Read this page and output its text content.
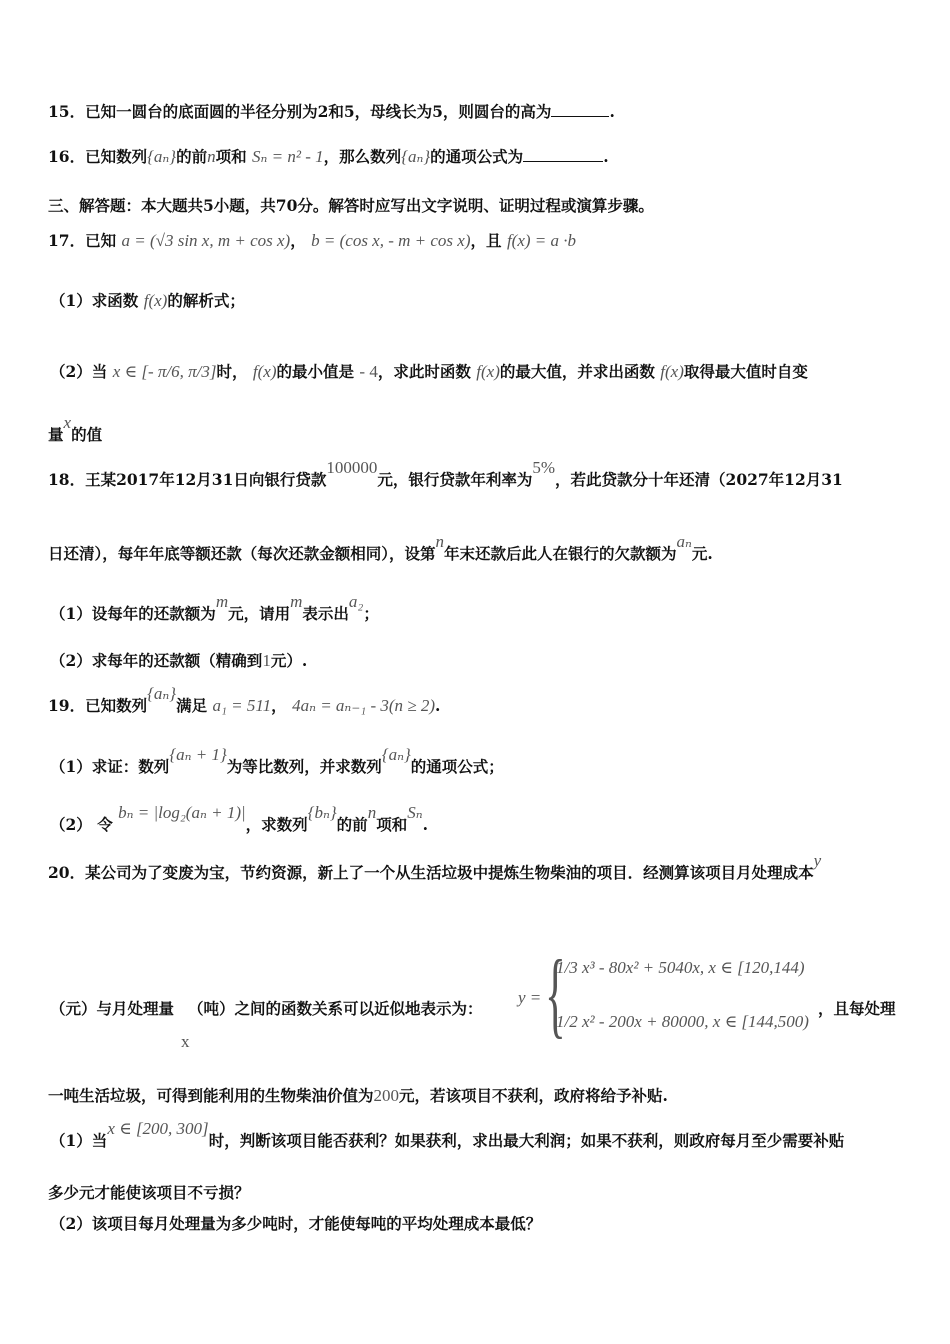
15．已知一圆台的底面圆的半径分别为2和5，母线长为5，则圆台的高为	.
16．已知数列{aₙ}的前n项和 Sₙ = n² - 1，那么数列{aₙ}的通项公式为	.
三、解答题：本大题共5小题，共70分。解答时应写出文字说明、证明过程或演算步骤。
17．已知 a = (√3 sin x, m + cos x)， b = (cos x, - m + cos x)，且 f(x) = a ·b
（1）求函数 f(x)的解析式；
（2）当 x ∈ [- π/6, π/3]时， f(x)的最小值是 - 4，求此时函数 f(x)的最大值，并求出函数 f(x)取得最大值时自变
量x的值
18．王某2017年12月31日向银行贷款100000元，银行贷款年利率为5%，若此贷款分十年还清（2027年12月31
日还清），每年年底等额还款（每次还款金额相同），设第n年末还款后此人在银行的欠款额为aₙ元.
（1）设每年的还款额为m元，请用m表示出a₂；
（2）求每年的还款额（精确到1元）.
19．已知数列{aₙ}满足 a₁ = 511， 4aₙ = aₙ₋₁ - 3(n ≥ 2).
（1）求证：数列{aₙ + 1}为等比数列，并求数列{aₙ}的通项公式；
（2） 令 bₙ = |log₂(aₙ + 1)|，求数列{bₙ}的前n项和Sₙ.
20．某公司为了变废为宝，节约资源，新上了一个从生活垃圾中提炼生物柴油的项目．经测算该项目月处理成本y
（元）与月处理量 （吨）之间的函数关系可以近似地表示为：
x
y = {
1/3 x³ - 80x² + 5040x, x ∈ [120,144)
1/2 x² - 200x + 80000, x ∈ [144,500)
，且每处理
一吨生活垃圾，可得到能利用的生物柴油价值为200元，若该项目不获利，政府将给予补贴.
（1）当x ∈ [200, 300]时，判断该项目能否获利？如果获利，求出最大利润；如果不获利，则政府每月至少需要补贴
多少元才能使该项目不亏损？
（2）该项目每月处理量为多少吨时，才能使每吨的平均处理成本最低？
